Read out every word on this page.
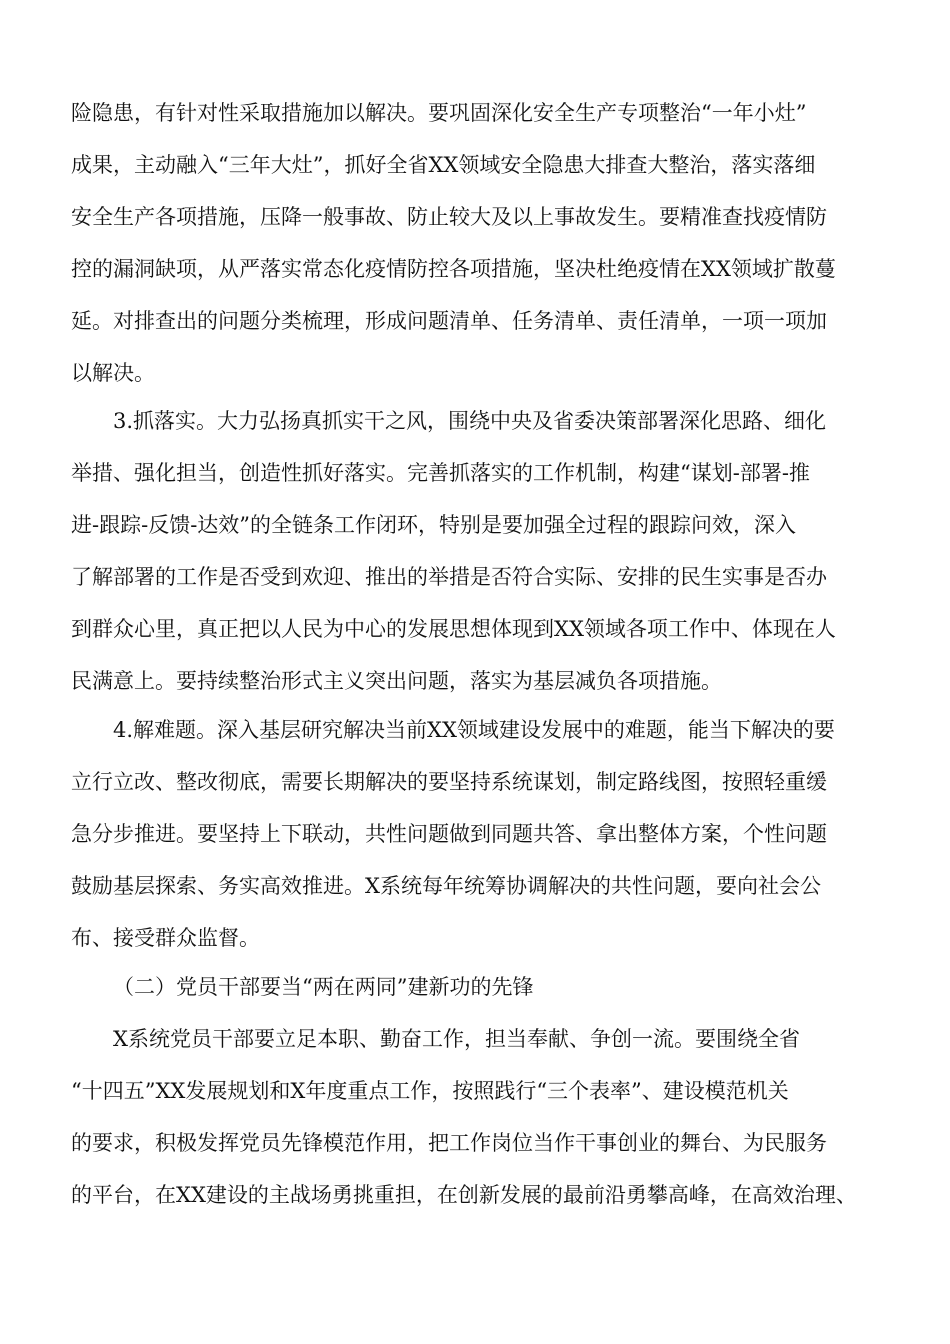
险隐患，有针对性采取措施加以解决。要巩固深化安全生产专项整治“一年小灶”
成果，主动融入“三年大灶”，抓好全省XX领域安全隐患大排查大整治，落实落细
安全生产各项措施，压降一般事故、防止较大及以上事故发生。要精准查找疫情防
控的漏洞缺项，从严落实常态化疫情防控各项措施，坚决杜绝疫情在XX领域扩散蔓
延。对排查出的问题分类梳理，形成问题清单、任务清单、责任清单，一项一项加
以解决。
3.抓落实。大力弘扬真抓实干之风，围绕中央及省委决策部署深化思路、细化
举措、强化担当，创造性抓好落实。完善抓落实的工作机制，构建“谋划-部署-推
进-跟踪-反馈-达效”的全链条工作闭环，特别是要加强全过程的跟踪问效，深入
了解部署的工作是否受到欢迎、推出的举措是否符合实际、安排的民生实事是否办
到群众心里，真正把以人民为中心的发展思想体现到XX领域各项工作中、体现在人
民满意上。要持续整治形式主义突出问题，落实为基层减负各项措施。
4.解难题。深入基层研究解决当前XX领域建设发展中的难题，能当下解决的要
立行立改、整改彻底，需要长期解决的要坚持系统谋划，制定路线图，按照轻重缓
急分步推进。要坚持上下联动，共性问题做到同题共答、拿出整体方案，个性问题
鼓励基层探索、务实高效推进。X系统每年统筹协调解决的共性问题，要向社会公
布、接受群众监督。
（二）党员干部要当“两在两同”建新功的先锋
X系统党员干部要立足本职、勤奋工作，担当奉献、争创一流。要围绕全省
“十四五”XX发展规划和X年度重点工作，按照践行“三个表率”、建设模范机关
的要求，积极发挥党员先锋模范作用，把工作岗位当作干事创业的舞台、为民服务
的平台，在XX建设的主战场勇挑重担，在创新发展的最前沿勇攀高峰，在高效治理、
